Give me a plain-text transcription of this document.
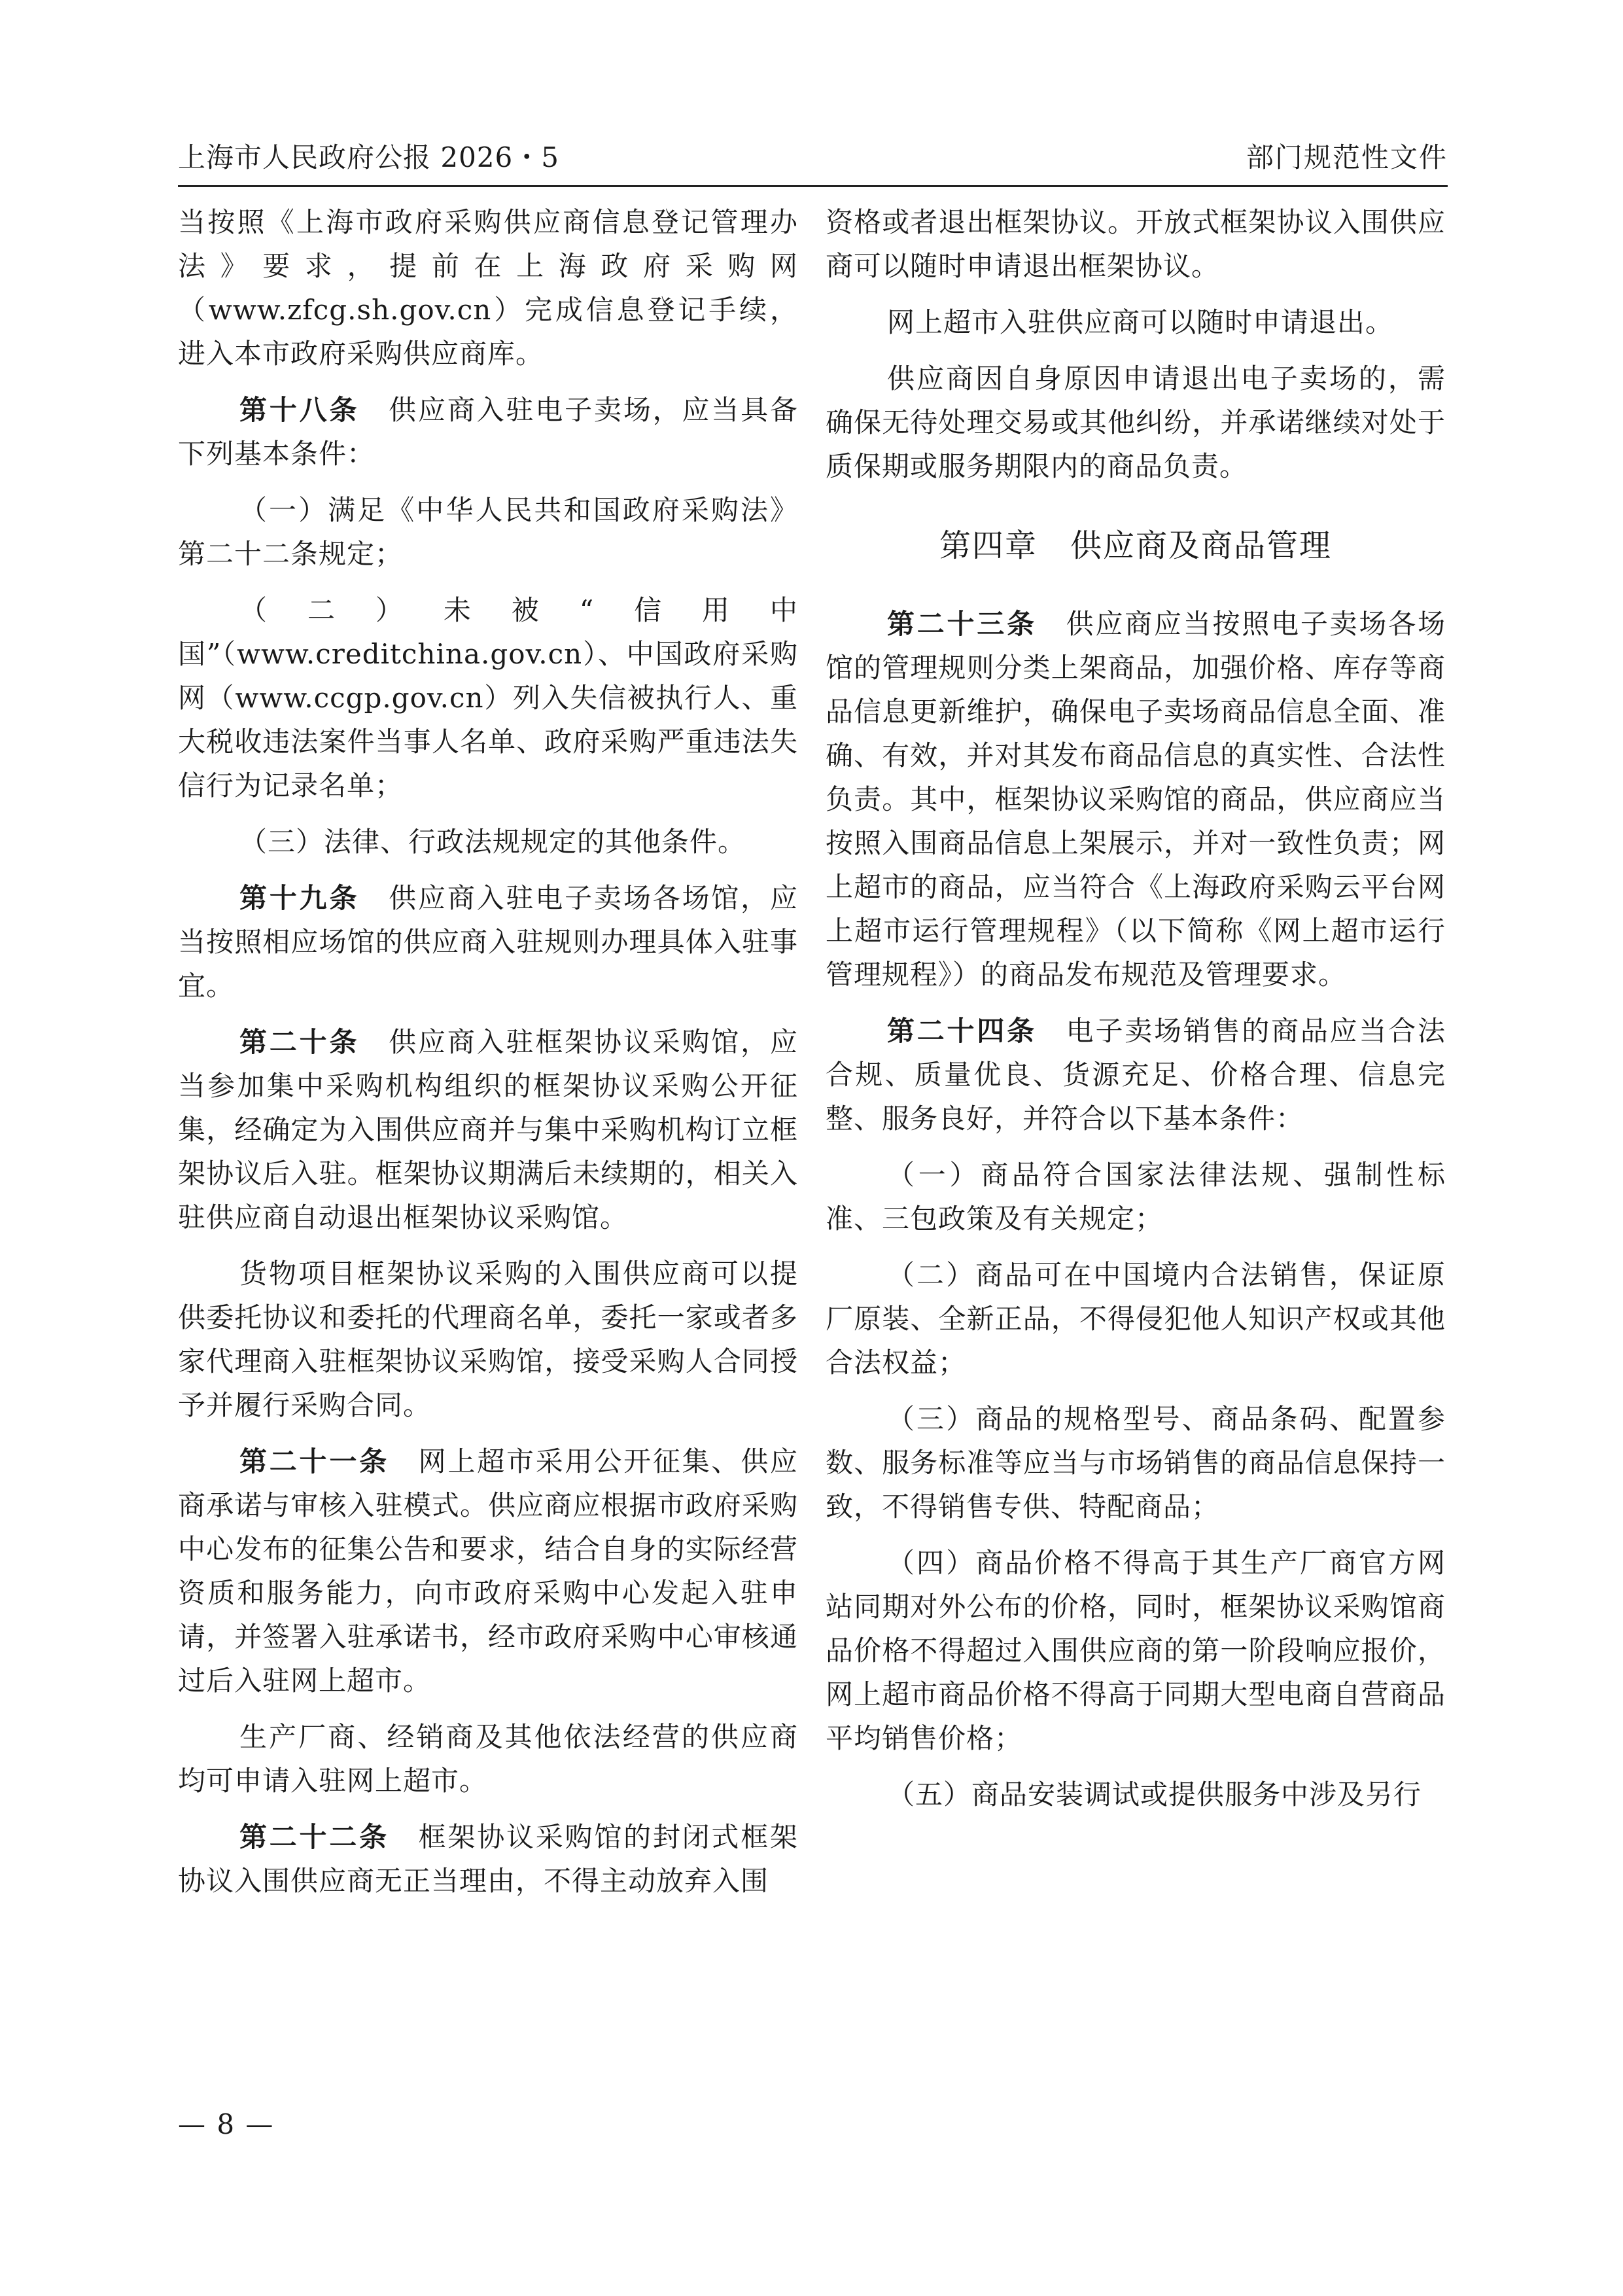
上海市人民政府公报 2026・5	部门规范性文件
当按照《上海市政府采购供应商信息登记管理办法》要求，提前在上海政府采购网（www.zfcg.sh.gov.cn）完成信息登记手续，进入本市政府采购供应商库。
第十八条　 供应商入驻电子卖场，应当具备下列基本条件：
（一）满足《中华人民共和国政府采购法》第二十二条规定；
（二）未被“信用中国”（www.creditchina.gov.cn）、中国政府采购网（www.ccgp.gov.cn）列入失信被执行人、重大税收违法案件当事人名单、政府采购严重违法失信行为记录名单；
（三）法律、行政法规规定的其他条件。
第十九条　 供应商入驻电子卖场各场馆，应当按照相应场馆的供应商入驻规则办理具体入驻事宜。
第二十条　 供应商入驻框架协议采购馆，应当参加集中采购机构组织的框架协议采购公开征集，经确定为入围供应商并与集中采购机构订立框架协议后入驻。框架协议期满后未续期的，相关入驻供应商自动退出框架协议采购馆。
货物项目框架协议采购的入围供应商可以提供委托协议和委托的代理商名单，委托一家或者多家代理商入驻框架协议采购馆，接受采购人合同授予并履行采购合同。
第二十一条　 网上超市采用公开征集、供应商承诺与审核入驻模式。供应商应根据市政府采购中心发布的征集公告和要求，结合自身的实际经营资质和服务能力，向市政府采购中心发起入驻申请，并签署入驻承诺书，经市政府采购中心审核通过后入驻网上超市。
生产厂商、经销商及其他依法经营的供应商均可申请入驻网上超市。
第二十二条　 框架协议采购馆的封闭式框架协议入围供应商无正当理由，不得主动放弃入围
资格或者退出框架协议。开放式框架协议入围供应商可以随时申请退出框架协议。
网上超市入驻供应商可以随时申请退出。
供应商因自身原因申请退出电子卖场的，需确保无待处理交易或其他纠纷，并承诺继续对处于质保期或服务期限内的商品负责。
第四章　供应商及商品管理
第二十三条　 供应商应当按照电子卖场各场馆的管理规则分类上架商品，加强价格、库存等商品信息更新维护，确保电子卖场商品信息全面、准确、有效，并对其发布商品信息的真实性、合法性负责。其中，框架协议采购馆的商品，供应商应当按照入围商品信息上架展示，并对一致性负责；网上超市的商品，应当符合《上海政府采购云平台网上超市运行管理规程》（以下简称《网上超市运行管理规程》）的商品发布规范及管理要求。
第二十四条　 电子卖场销售的商品应当合法合规、质量优良、货源充足、价格合理、信息完整、服务良好，并符合以下基本条件：
（一）商品符合国家法律法规、强制性标准、三包政策及有关规定；
（二）商品可在中国境内合法销售，保证原厂原装、全新正品，不得侵犯他人知识产权或其他合法权益；
（三）商品的规格型号、商品条码、配置参数、服务标准等应当与市场销售的商品信息保持一致，不得销售专供、特配商品；
（四）商品价格不得高于其生产厂商官方网站同期对外公布的价格，同时，框架协议采购馆商品价格不得超过入围供应商的第一阶段响应报价，网上超市商品价格不得高于同期大型电商自营商品平均销售价格；
（五）商品安装调试或提供服务中涉及另行
— 8 —
